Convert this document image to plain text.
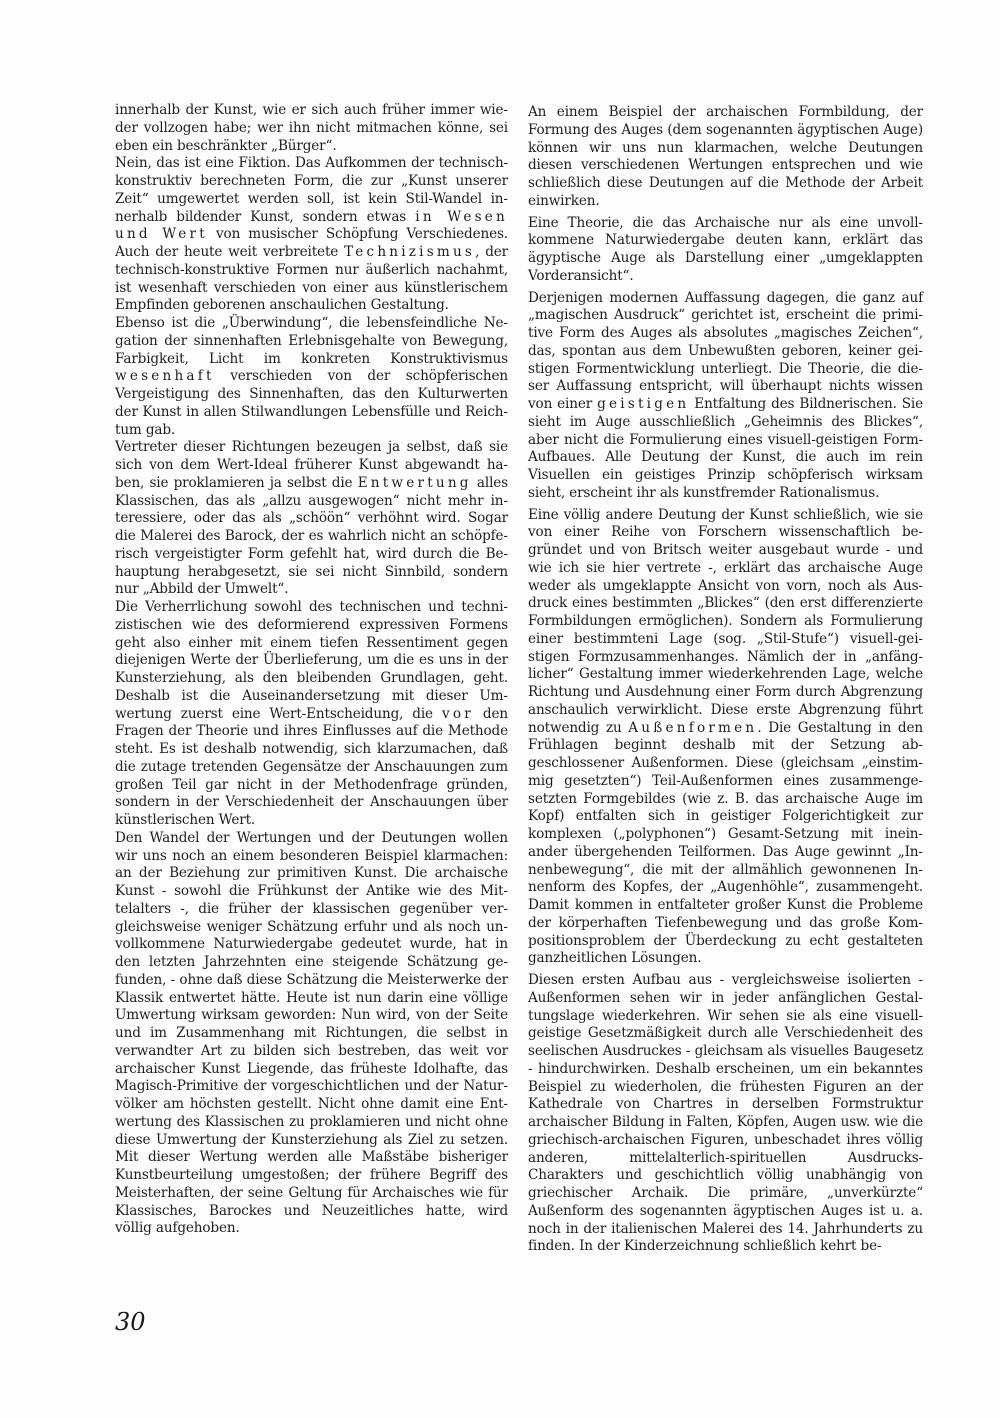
innerhalb der Kunst, wie er sich auch früher immer wieder vollzogen habe; wer ihn nicht mitmachen könne, sei eben ein beschränkter „Bürger“.

Nein, das ist eine Fiktion. Das Aufkommen der technisch-konstruktiv berechneten Form, die zur „Kunst unserer Zeit“ umgewertet werden soll, ist kein Stil-Wandel innerhalb bildender Kunst, sondern etwas in Wesen und Wert von musischer Schöpfung Verschiedenes. Auch der heute weit verbreitete Technizismus, der technisch-konstruktive Formen nur äußerlich nachahmt, ist wesenhaft verschieden von einer aus künstlerischem Empfinden geborenen anschaulichen Gestaltung.

Ebenso ist die „Überwindung“, die lebensfeindliche Negation der sinnenhaften Erlebnisgehalte von Bewegung, Farbigkeit, Licht im konkreten Konstruktivismus wesenhaft verschieden von der schöpferischen Vergeistigung des Sinnenhaften, das den Kulturwerten der Kunst in allen Stilwandlungen Lebensfülle und Reichtum gab.

Vertreter dieser Richtungen bezeugen ja selbst, daß sie sich von dem Wert-Ideal früherer Kunst abgewandt haben, sie proklamieren ja selbst die Entwertung alles Klassischen, das als „allzu ausgewogen“ nicht mehr interessiere, oder das als „schöön“ verhöhnt wird. Sogar die Malerei des Barock, der es wahrlich nicht an schöpferisch vergeistigter Form gefehlt hat, wird durch die Behauptung herabgesetzt, sie sei nicht Sinnbild, sondern nur „Abbild der Umwelt“.

Die Verherrlichung sowohl des technischen und technizistischen wie des deformierend expressiven Formens geht also einher mit einem tiefen Ressentiment gegen diejenigen Werte der Überlieferung, um die es uns in der Kunsterziehung, als den bleibenden Grundlagen, geht. Deshalb ist die Auseinandersetzung mit dieser Umwertung zuerst eine Wert-Entscheidung, die vor den Fragen der Theorie und ihres Einflusses auf die Methode steht. Es ist deshalb notwendig, sich klarzumachen, daß die zutage tretenden Gegensätze der Anschauungen zum großen Teil gar nicht in der Methodenfrage gründen, sondern in der Verschiedenheit der Anschauungen über künstlerischen Wert.

Den Wandel der Wertungen und der Deutungen wollen wir uns noch an einem besonderen Beispiel klarmachen: an der Beziehung zur primitiven Kunst. Die archaische Kunst - sowohl die Frühkunst der Antike wie des Mittelalters -, die früher der klassischen gegenüber vergleichsweise weniger Schätzung erfuhr und als noch unvollkommene Naturwiedergabe gedeutet wurde, hat in den letzten Jahrzehnten eine steigende Schätzung gefunden, - ohne daß diese Schätzung die Meisterwerke der Klassik entwertet hätte. Heute ist nun darin eine völlige Umwertung wirksam geworden: Nun wird, von der Seite und im Zusammenhang mit Richtungen, die selbst in verwandter Art zu bilden sich bestreben, das weit vor archaischer Kunst Liegende, das früheste Idolhafte, das Magisch-Primitive der vorgeschichtlichen und der Naturvölker am höchsten gestellt. Nicht ohne damit eine Entwertung des Klassischen zu proklamieren und nicht ohne diese Umwertung der Kunsterziehung als Ziel zu setzen. Mit dieser Wertung werden alle Maßstäbe bisheriger Kunstbeurteilung umgestoßen; der frühere Begriff des Meisterhaften, der seine Geltung für Archaisches wie für Klassisches, Barockes und Neuzeitliches hatte, wird völlig aufgehoben.

An einem Beispiel der archaischen Formbildung, der Formung des Auges (dem sogenannten ägyptischen Auge) können wir uns nun klarmachen, welche Deutungen diesen verschiedenen Wertungen entsprechen und wie schließlich diese Deutungen auf die Methode der Arbeit einwirken.

Eine Theorie, die das Archaische nur als eine unvollkommene Naturwiedergabe deuten kann, erklärt das ägyptische Auge als Darstellung einer „umgeklappten Vorderansicht“.

Derjenigen modernen Auffassung dagegen, die ganz auf „magischen Ausdruck“ gerichtet ist, erscheint die primitive Form des Auges als absolutes „magisches Zeichen“, das, spontan aus dem Unbewußten geboren, keiner geistigen Formentwicklung unterliegt. Die Theorie, die dieser Auffassung entspricht, will überhaupt nichts wissen von einer geistigen Entfaltung des Bildnerischen. Sie sieht im Auge ausschließlich „Geheimnis des Blickes“, aber nicht die Formulierung eines visuell-geistigen Form-Aufbaues. Alle Deutung der Kunst, die auch im rein Visuellen ein geistiges Prinzip schöpferisch wirksam sieht, erscheint ihr als kunstfremder Rationalismus.

Eine völlig andere Deutung der Kunst schließlich, wie sie von einer Reihe von Forschern wissenschaftlich begründet und von Britsch weiter ausgebaut wurde - und wie ich sie hier vertrete -, erklärt das archaische Auge weder als umgeklappte Ansicht von vorn, noch als Ausdruck eines bestimmten „Blickes“ (den erst differenzierte Formbildungen ermöglichen). Sondern als Formulierung einer bestimmteni Lage (sog. „Stil-Stufe“) visuell-geistigen Formzusammenhanges. Nämlich der in „anfänglicher“ Gestaltung immer wiederkehrenden Lage, welche Richtung und Ausdehnung einer Form durch Abgrenzung anschaulich verwirklicht. Diese erste Abgrenzung führt notwendig zu Außenformen. Die Gestaltung in den Frühlagen beginnt deshalb mit der Setzung abgeschlossener Außenformen. Diese (gleichsam „einstimmig gesetzten“) Teil-Außenformen eines zusammengesetzten Formgebildes (wie z. B. das archaische Auge im Kopf) entfalten sich in geistiger Folgerichtigkeit zur komplexen („polyphonen“) Gesamt-Setzung mit ineinander übergehenden Teilformen. Das Auge gewinnt „Innenbewegung“, die mit der allmählich gewonnenen Innenform des Kopfes, der „Augenhöhle“, zusammengeht. Damit kommen in entfalteter großer Kunst die Probleme der körperhaften Tiefenbewegung und das große Kompositionsproblem der Überdeckung zu echt gestalteten ganzheitlichen Lösungen.

Diesen ersten Aufbau aus - vergleichsweise isolierten - Außenformen sehen wir in jeder anfänglichen Gestaltungslage wiederkehren. Wir sehen sie als eine visuell-geistige Gesetzmäßigkeit durch alle Verschiedenheit des seelischen Ausdruckes - gleichsam als visuelles Baugesetz - hindurchwirken. Deshalb erscheinen, um ein bekanntes Beispiel zu wiederholen, die frühesten Figuren an der Kathedrale von Chartres in derselben Formstruktur archaischer Bildung in Falten, Köpfen, Augen usw. wie die griechisch-archaischen Figuren, unbeschadet ihres völlig anderen, mittelalterlich-spirituellen Ausdrucks-Charakters und geschichtlich völlig unabhängig von griechischer Archaik. Die primäre, „unverkürzte“ Außenform des sogenannten ägyptischen Auges ist u. a. noch in der italienischen Malerei des 14. Jahrhunderts zu finden. In der Kinderzeichnung schließlich kehrt be-

30
